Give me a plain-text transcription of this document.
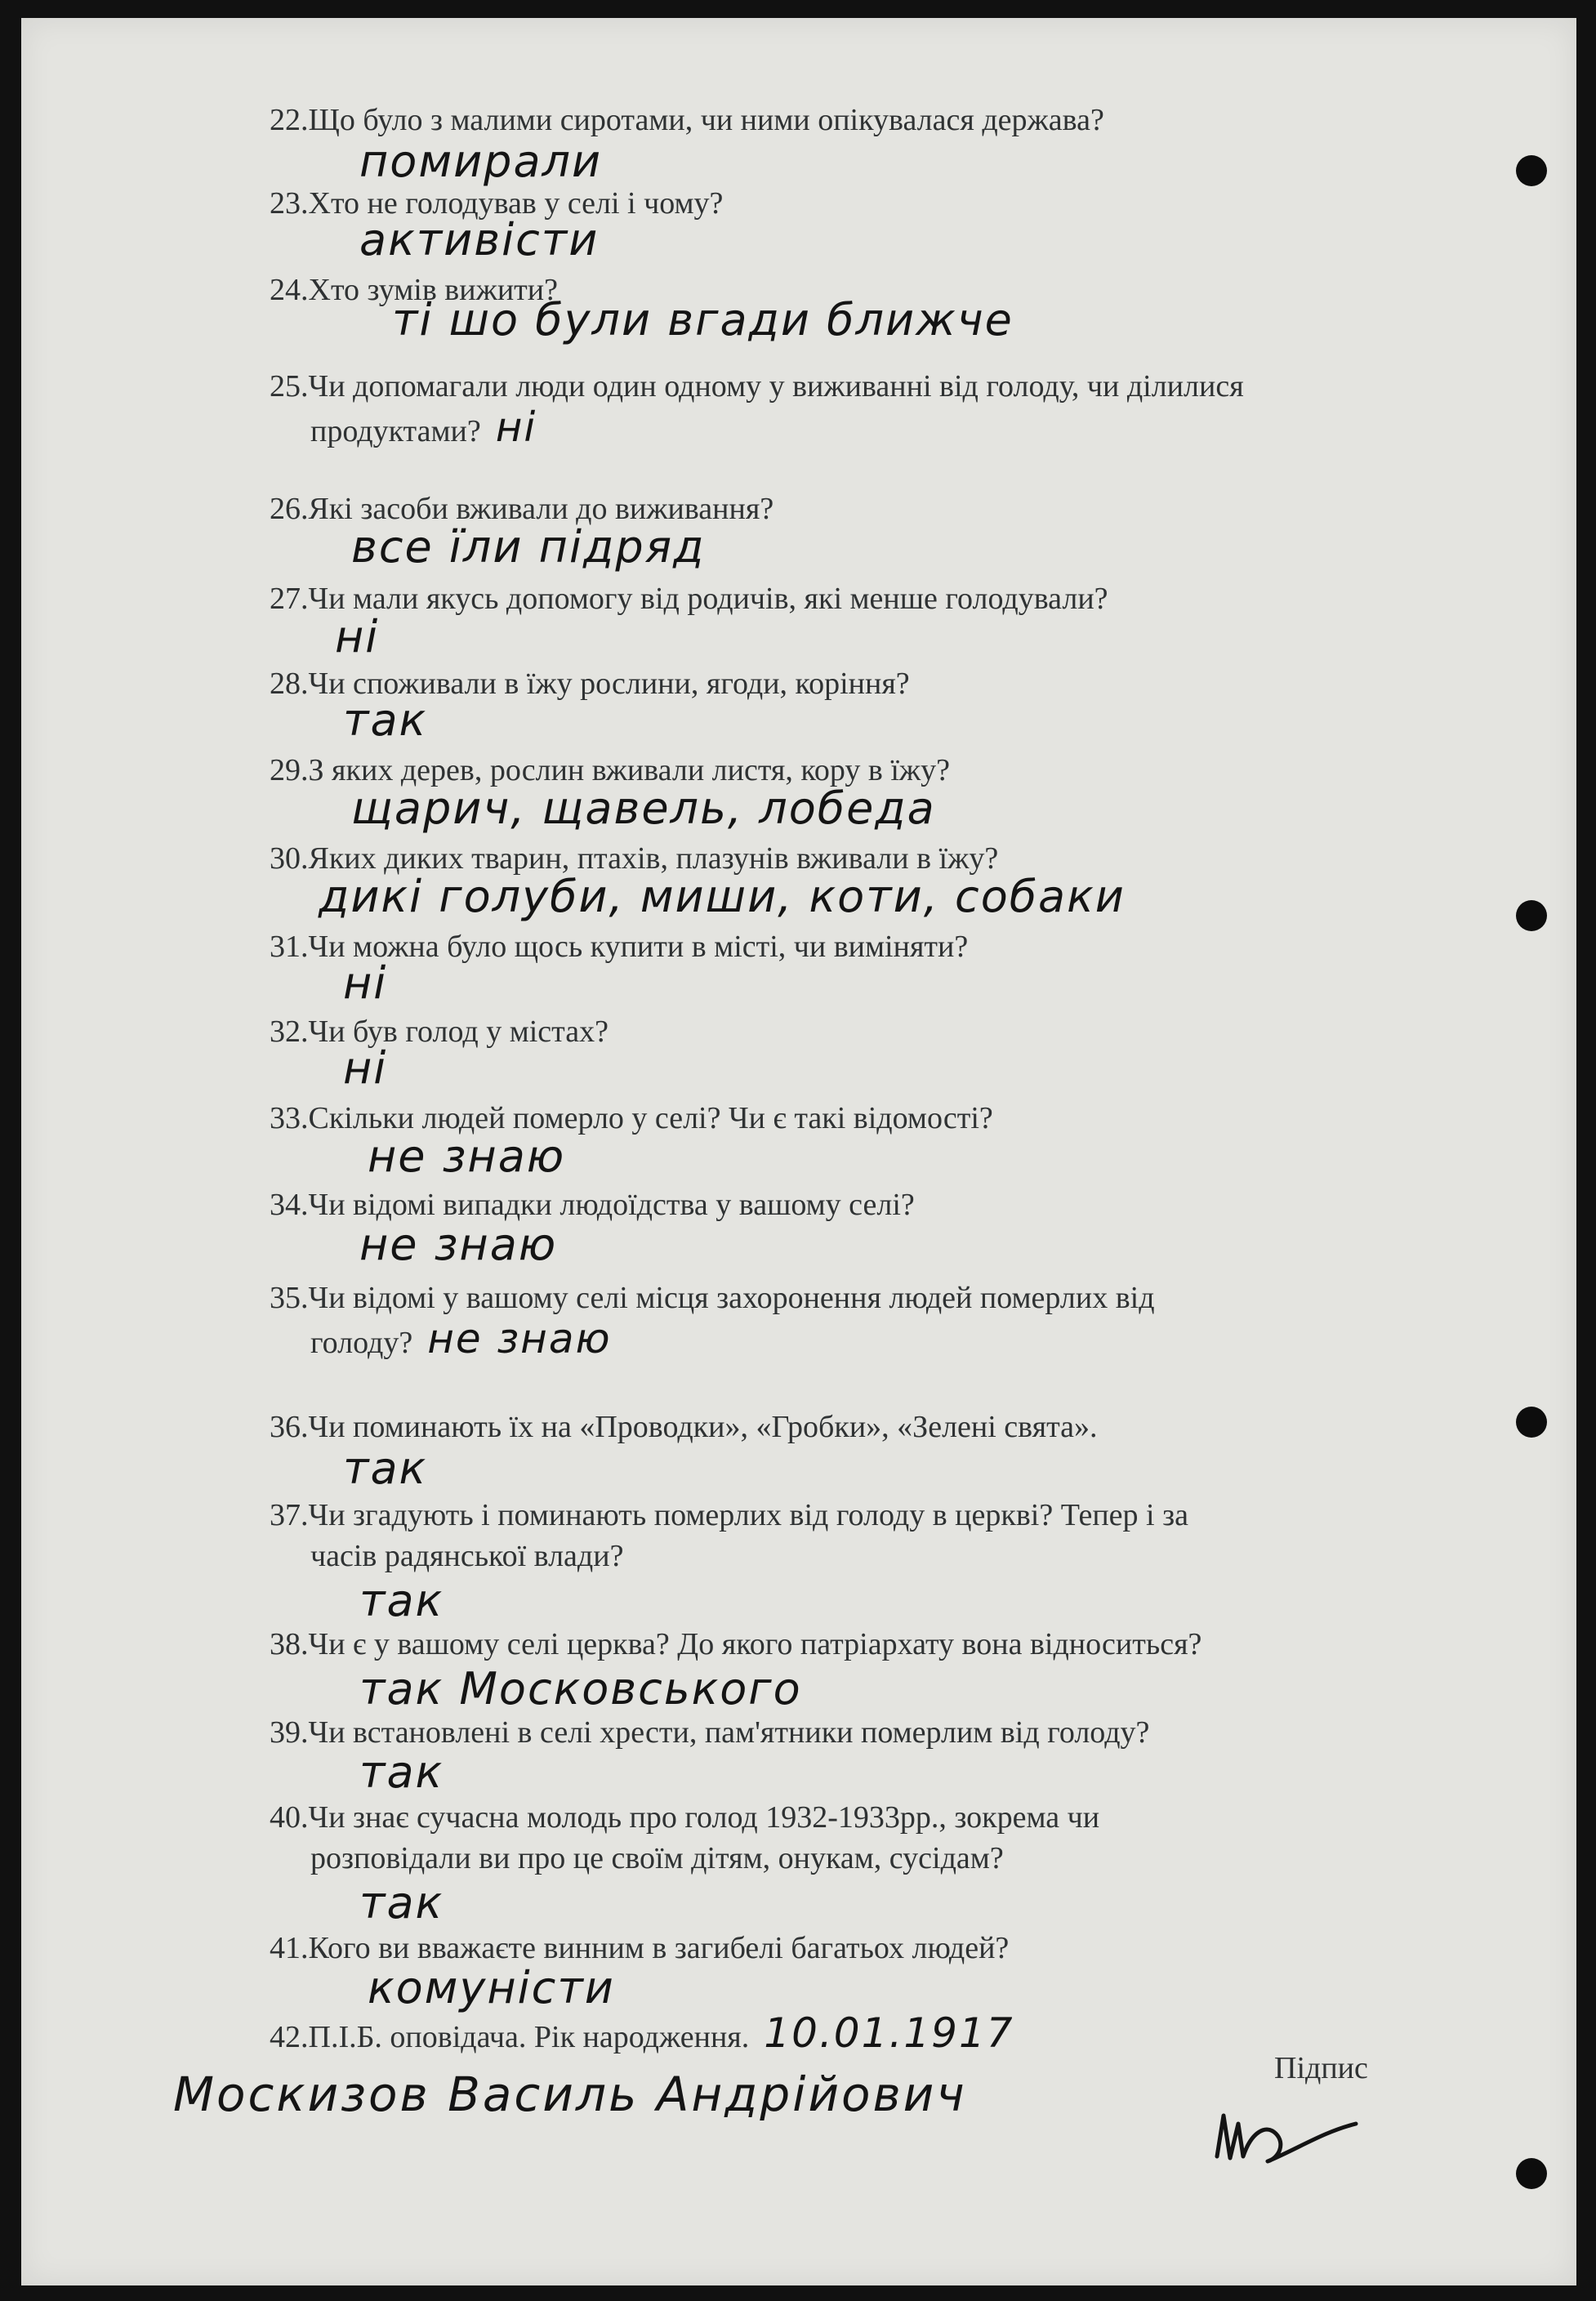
22.Що було з малими сиротами, чи ними опікувалася держава?
помирали
23.Хто не голодував у селі і чому?
активісти
24.Хто зумів вижити?
ті шо були вгади ближче
25.Чи допомагали люди один одному у виживанні від голоду, чи ділилися
продуктами? ні
26.Які засоби вживали до виживання?
все їли підряд
27.Чи мали якусь допомогу від родичів, які менше голодували?
ні
28.Чи споживали в їжу рослини, ягоди, коріння?
так
29.З яких дерев, рослин вживали листя, кору в їжу?
щарич, щавель, лобеда
30.Яких диких тварин, птахів, плазунів вживали в їжу?
дикі голуби, миши, коти, собаки
31.Чи можна було щось купити в місті, чи виміняти?
ні
32.Чи був голод у містах?
ні
33.Скільки людей померло у селі? Чи є такі відомості?
не знаю
34.Чи відомі випадки людоїдства у вашому селі?
не знаю
35.Чи відомі у вашому селі місця захоронення людей померлих від
голоду? не знаю
36.Чи поминають їх на «Проводки», «Гробки», «Зелені свята».
так
37.Чи згадують і поминають померлих від голоду в церкві? Тепер і за
часів радянської влади?
так
38.Чи є у вашому селі церква? До якого патріархату вона відноситься?
так Московського
39.Чи встановлені в селі хрести, пам'ятники померлим від голоду?
так
40.Чи знає сучасна молодь про голод 1932-1933рр., зокрема чи
розповідали ви про це своїм дітям, онукам, сусідам?
так
41.Кого ви вважаєте винним в загибелі багатьох людей?
комуністи
42.П.І.Б. оповідача. Рік народження. 10.01.1917
Москизов Василь Андрійович	Підпис
